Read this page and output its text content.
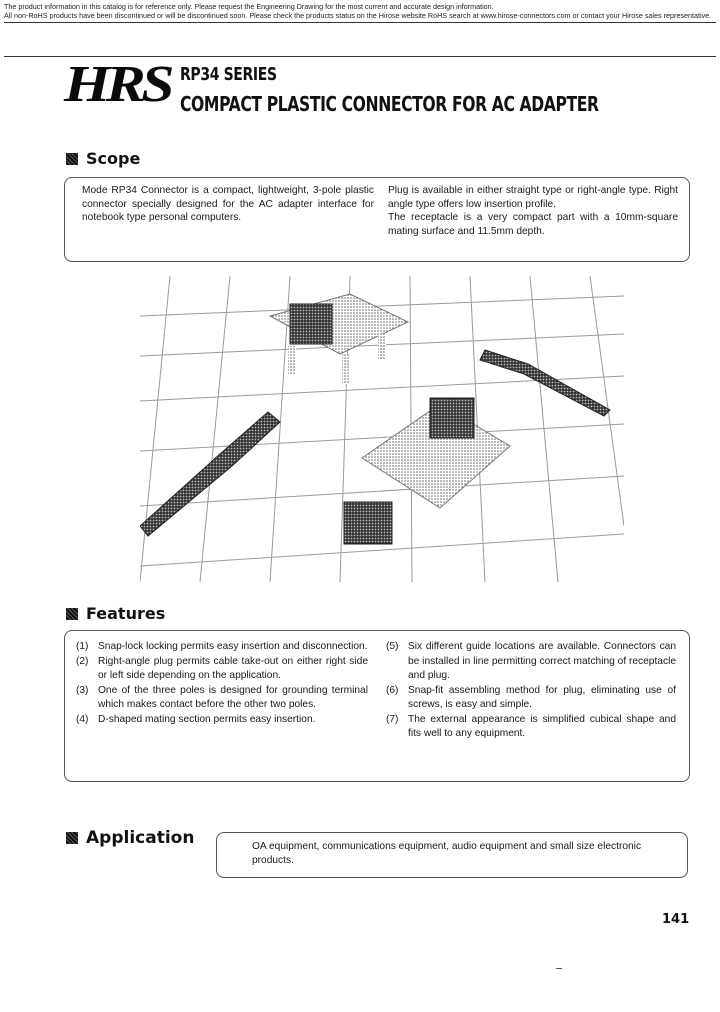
The product information in this catalog is for reference only. Please request the Engineering Drawing for the most current and accurate design information.
All non-RoHS products have been discontinued or will be discontinued soon. Please check the products status on the Hirose website RoHS search at www.hirose-connectors.com or contact your Hirose sales representative.
HRS RP34 SERIES
COMPACT PLASTIC CONNECTOR FOR AC ADAPTER
Scope
Mode RP34 Connector is a compact, lightweight, 3-pole plastic connector specially designed for the AC adapter interface for notebook type personal computers.
Plug is available in either straight type or right-angle type. Right angle type offers low insertion profile.
The receptacle is a very compact part with a 10mm-square mating surface and 11.5mm depth.
Features
(1) Snap-lock locking permits easy insertion and disconnection.
(2) Right-angle plug permits cable take-out on either right side or left side depending on the application.
(3) One of the three poles is designed for grounding terminal which makes contact before the other two poles.
(4) D-shaped mating section permits easy insertion.
(5) Six different guide locations are available. Connectors can be installed in line permitting correct matching of receptacle and plug.
(6) Snap-fit assembling method for plug, eliminating use of screws, is easy and simple.
(7) The external appearance is simplified cubical shape and fits well to any equipment.
Application	OA equipment, communications equipment, audio equipment and small size electronic products.
141
